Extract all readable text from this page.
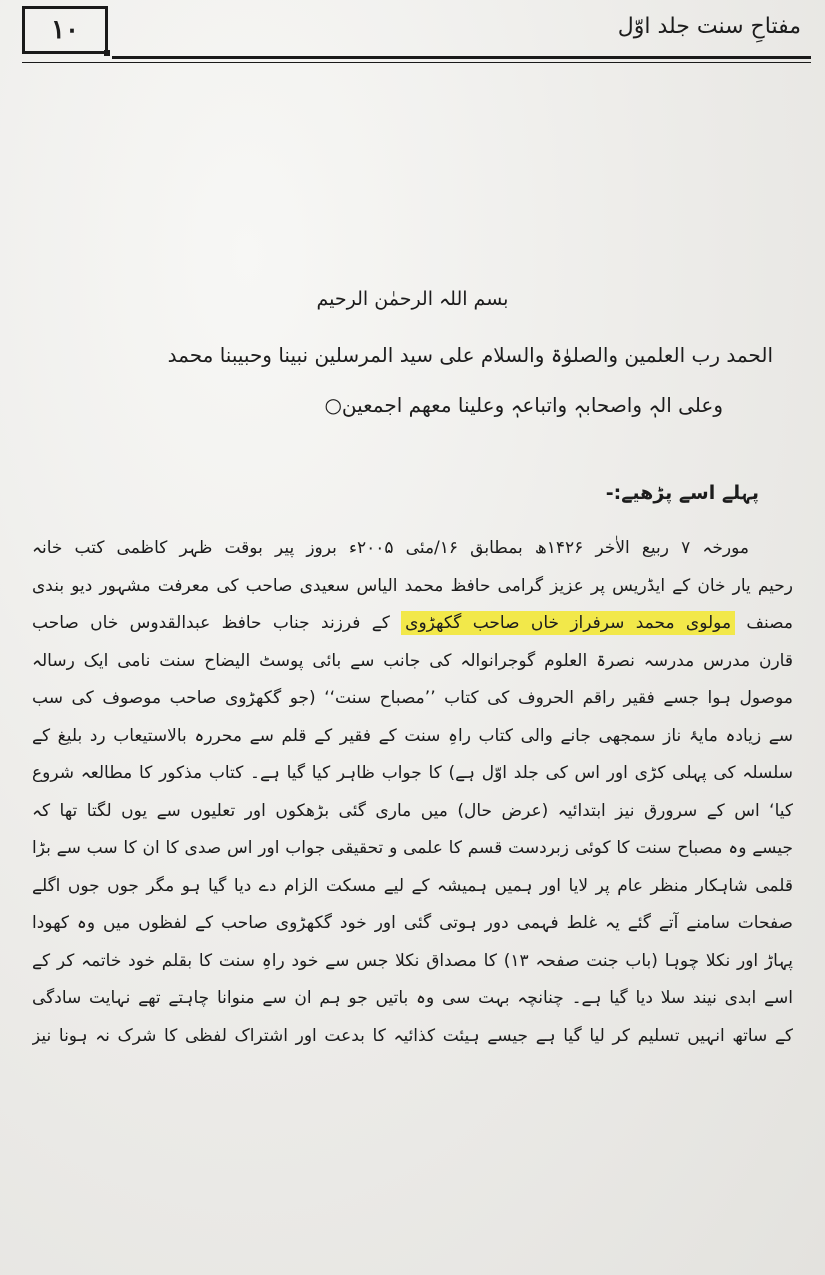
۱۰	مفتاحِ سنت جلد اوّل
بسم اللہ الرحمٰن الرحیم
الحمد رب العلمین والصلوٰۃ والسلام علی سید المرسلین نبینا وحبیبنا محمد
وعلی الہٖ واصحابہٖ واتباعہٖ وعلینا معھم اجمعین○
پہلے اسے پڑھیے:-
مورخہ ۷ ربیع الاٰخر ۱۴۲۶ھ بمطابق ۱۶/مئی ۲۰۰۵ء بروز پیر بوقت ظہر کاظمی کتب خانہ
رحیم یار خان کے ایڈریس پر عزیز گرامی حافظ محمد الیاس سعیدی صاحب کی معرفت مشہور دیو بندی
مصنف مولوی محمد سرفراز خاں صاحب گکھڑوی کے فرزند جناب حافظ عبدالقدوس خاں صاحب
قارن مدرس مدرسہ نصرۃ العلوم گوجرانوالہ کی جانب سے بائی پوسٹ الیضاح سنت نامی ایک رسالہ
موصول ہوا جسے فقیر راقم الحروف کی کتاب ’’مصباح سنت‘‘ (جو گکھڑوی صاحب موصوف کی سب
سے زیادہ مایۂ ناز سمجھی جانے والی کتاب راہِ سنت کے فقیر کے قلم سے محررہ بالاستیعاب رد بلیغ کے
سلسلہ کی پہلی کڑی اور اس کی جلد اوّل ہے) کا جواب ظاہر کیا گیا ہے۔ کتاب مذکور کا مطالعہ شروع
کیا‘ اس کے سرورق نیز ابتدائیہ (عرض حال) میں ماری گئی بڑھکوں اور تعلیوں سے یوں لگتا تھا کہ
جیسے وہ مصباح سنت کا کوئی زبردست قسم کا علمی و تحقیقی جواب اور اس صدی کا ان کا سب سے بڑا
قلمی شاہکار منظر عام پر لایا اور ہمیں ہمیشہ کے لیے مسکت الزام دے دیا گیا ہو مگر جوں جوں اگلے
صفحات سامنے آتے گئے یہ غلط فہمی دور ہوتی گئی اور خود گکھڑوی صاحب کے لفظوں میں وہ کھودا
پہاڑ اور نکلا چوہا (باب جنت صفحہ ۱۳) کا مصداق نکلا جس سے خود راہِ سنت کا بقلم خود خاتمہ کر کے
اسے ابدی نیند سلا دیا گیا ہے۔ چنانچہ بہت سی وہ باتیں جو ہم ان سے منوانا چاہتے تھے نہایت سادگی
کے ساتھ انہیں تسلیم کر لیا گیا ہے جیسے ہیئت کذائیہ کا بدعت اور اشتراک لفظی کا شرک نہ ہونا نیز
